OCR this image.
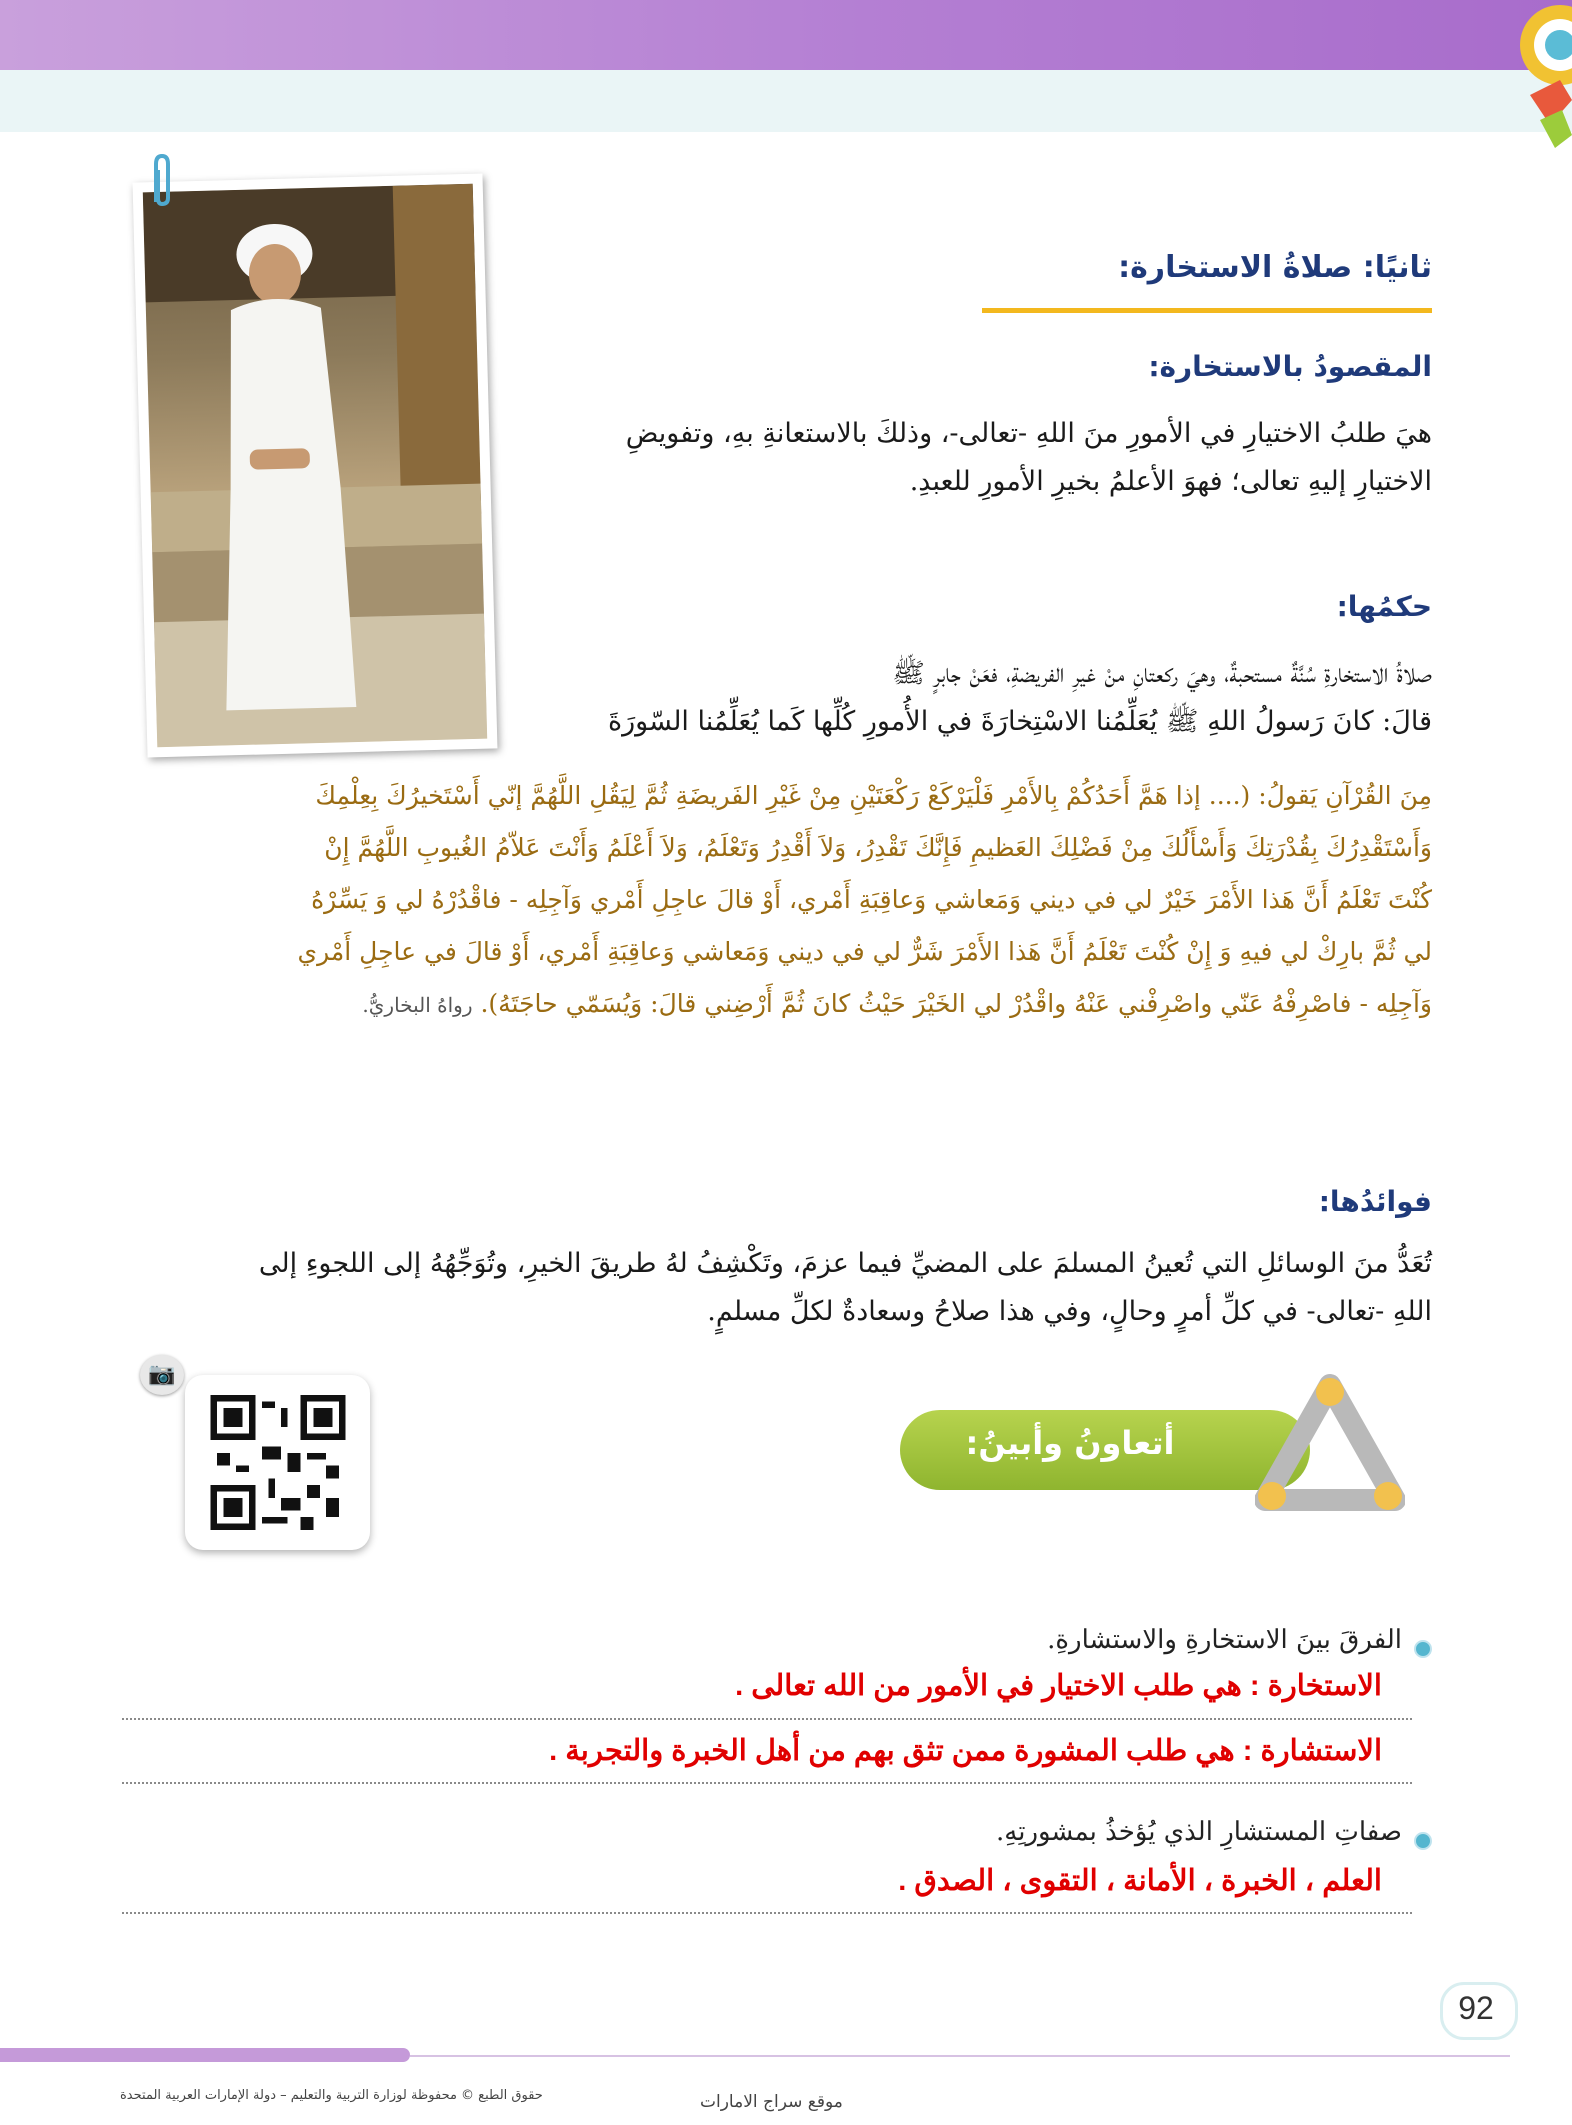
ثانيًا: صلاةُ الاستخارة:
المقصودُ بالاستخارة:
هيَ طلبُ الاختيارِ في الأمورِ منَ اللهِ -تعالى-، وذلكَ بالاستعانةِ بهِ، وتفويضِ
الاختيارِ إليهِ تعالى؛ فهوَ الأعلمُ بخيرِ الأمورِ للعبدِ.
حكمُها:
صلاةُ الاستخارةِ سُنَّةٌ مستحبةٌ، وهيَ ركعتانِ منْ غيرِ الفريضةِ، فعَنْ جابرٍ ﷺ
قالَ: كانَ رَسولُ اللهِ ﷺ يُعَلِّمُنا الاسْتِخارَةَ في الأُمورِ كُلِّها كَما يُعَلِّمُنا السّورَةَ
مِنَ القُرْآنِ يَقولُ: (.... إذا هَمَّ أَحَدُكُمْ بِالأَمْرِ فَلْيَرْكَعْ رَكْعَتَيْنِ مِنْ غَيْرِ الفَريضَةِ ثُمَّ لِيَقُلِ اللَّهُمَّ إنّي أَسْتَخيرُكَ بِعِلْمِكَ
وَأَسْتَقْدِرُكَ بِقُدْرَتِكَ وَأَسْأَلُكَ مِنْ فَضْلِكَ العَظيمِ فَإِنَّكَ تَقْدِرُ، وَلاَ أَقْدِرُ وَتَعْلَمُ، وَلاَ أَعْلَمُ وَأَنْتَ عَلاّمُ الغُيوبِ اللَّهُمَّ إِنْ
كُنْتَ تَعْلَمُ أَنَّ هَذا الأَمْرَ خَيْرٌ لي في ديني وَمَعاشي وَعاقِبَةِ أَمْري، أَوْ قالَ عاجِلِ أَمْري وَآجِلِه - فاقْدُرْهُ لي وَ يَسِّرْهُ
لي ثُمَّ بارِكْ لي فيهِ وَ إِنْ كُنْتَ تَعْلَمُ أَنَّ هَذا الأَمْرَ شَرٌّ لي في ديني وَمَعاشي وَعاقِبَةِ أَمْري، أَوْ قالَ في عاجِلِ أَمْري
وَآجِلِه - فاصْرِفْهُ عَنّي واصْرِفْني عَنْهُ واقْدُرْ لي الخَيْرَ حَيْثُ كانَ ثُمَّ أَرْضِني قالَ: وَيُسَمّي حاجَتَهُ). رواهُ البخاريُّ.
فوائدُها:
تُعَدُّ منَ الوسائلِ التي تُعينُ المسلمَ على المضيِّ فيما عزمَ، وتَكْشِفُ لهُ طريقَ الخيرِ، وتُوَجِّهُهُ إلى اللجوءِ إلى
اللهِ -تعالى- في كلِّ أمرٍ وحالٍ، وفي هذا صلاحُ وسعادةٌ لكلِّ مسلمٍ.
📷
أتعاونُ وأبينُ:
الفرقَ بينَ الاستخارةِ والاستشارةِ.
الاستخارة : هي طلب الاختيار في الأمور من الله تعالى .
الاستشارة : هي طلب المشورة ممن تثق بهم من أهل الخبرة والتجربة .
صفاتِ المستشارِ الذي يُؤخذُ بمشورتِهِ.
العلم ، الخبرة ، الأمانة ، التقوى ، الصدق .
92
حقوق الطبع © محفوظة لوزارة التربية والتعليم – دولة الإمارات العربية المتحدة	موقع سراج الامارات
